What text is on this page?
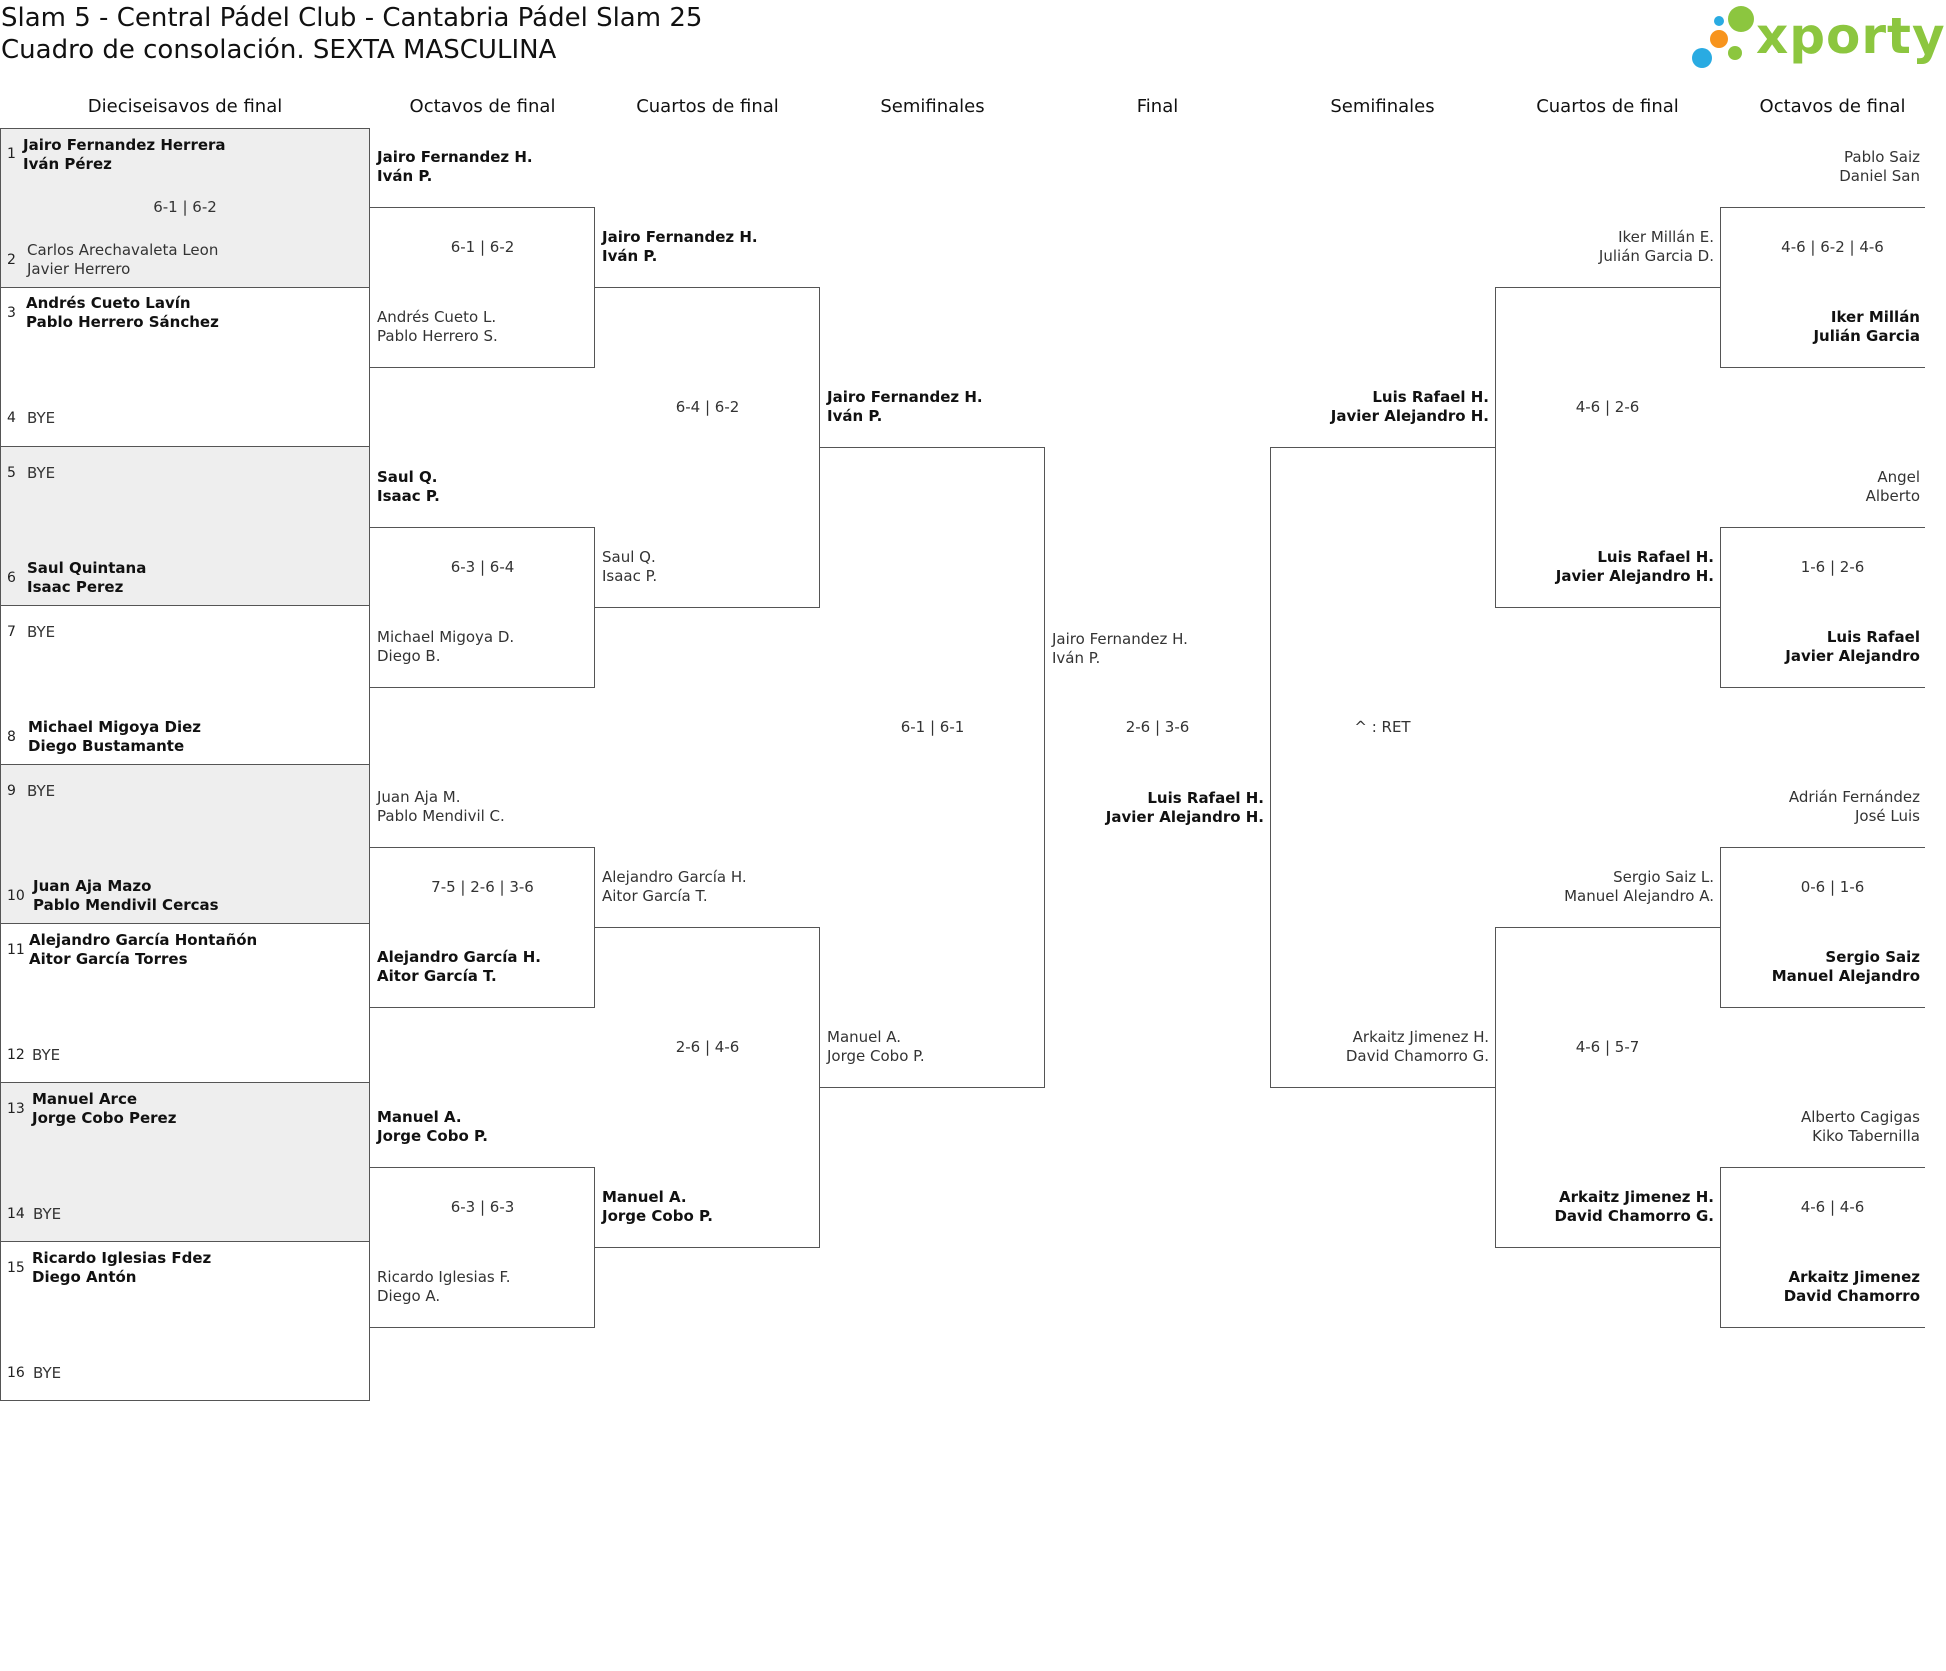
Slam 5 - Central Pádel Club - Cantabria Pádel Slam 25
Cuadro de consolación. SEXTA MASCULINA	xporty
Dieciseisavos de final	Octavos de final	Cuartos de final	Semifinales	Final	Semifinales	Cuartos de final	Octavos de final
1 Jairo Fernandez Herrera
Iván Pérez
6-1 | 6-2
2
Carlos Arechavaleta Leon
Javier Herrero
3
Andrés Cueto Lavín
Pablo Herrero Sánchez
4 BYE
5 BYE
6
Saul Quintana
Isaac Perez
7 BYE
8
Michael Migoya Diez
Diego Bustamante
9 BYE
10
Juan Aja Mazo
Pablo Mendivil Cercas
11
Alejandro García Hontañón
Aitor García Torres
12 BYE
13
Manuel Arce
Jorge Cobo Perez
14 BYE
15
Ricardo Iglesias Fdez
Diego Antón
16 BYE
Jairo Fernandez H.
Iván P.
6-1 | 6-2
Andrés Cueto L.
Pablo Herrero S.
Saul Q.
Isaac P.
6-3 | 6-4
Michael Migoya D.
Diego B.
Juan Aja M.
Pablo Mendivil C.
7-5 | 2-6 | 3-6
Alejandro García H.
Aitor García T.
Manuel A.
Jorge Cobo P.
6-3 | 6-3
Ricardo Iglesias F.
Diego A.
Jairo Fernandez H.
Iván P.
6-4 | 6-2
Saul Q.
Isaac P.
Alejandro García H.
Aitor García T.
2-6 | 4-6
Manuel A.
Jorge Cobo P.
Jairo Fernandez H.
Iván P.
6-1 | 6-1
Manuel A.
Jorge Cobo P.
Jairo Fernandez H.
Iván P.
2-6 | 3-6
Luis Rafael H.
Javier Alejandro H.
Luis Rafael H.
Javier Alejandro H.
^ : RET
Arkaitz Jimenez H.
David Chamorro G.
Iker Millán E.
Julián Garcia D.
4-6 | 2-6
Luis Rafael H.
Javier Alejandro H.
Sergio Saiz L.
Manuel Alejandro A.
4-6 | 5-7
Arkaitz Jimenez H.
David Chamorro G.
Pablo Saiz
Daniel San
4-6 | 6-2 | 4-6
Iker Millán
Julián Garcia
Angel
Alberto
1-6 | 2-6
Luis Rafael
Javier Alejandro
Adrián Fernández
José Luis
0-6 | 1-6
Sergio Saiz
Manuel Alejandro
Alberto Cagigas
Kiko Tabernilla
4-6 | 4-6
Arkaitz Jimenez
David Chamorro
